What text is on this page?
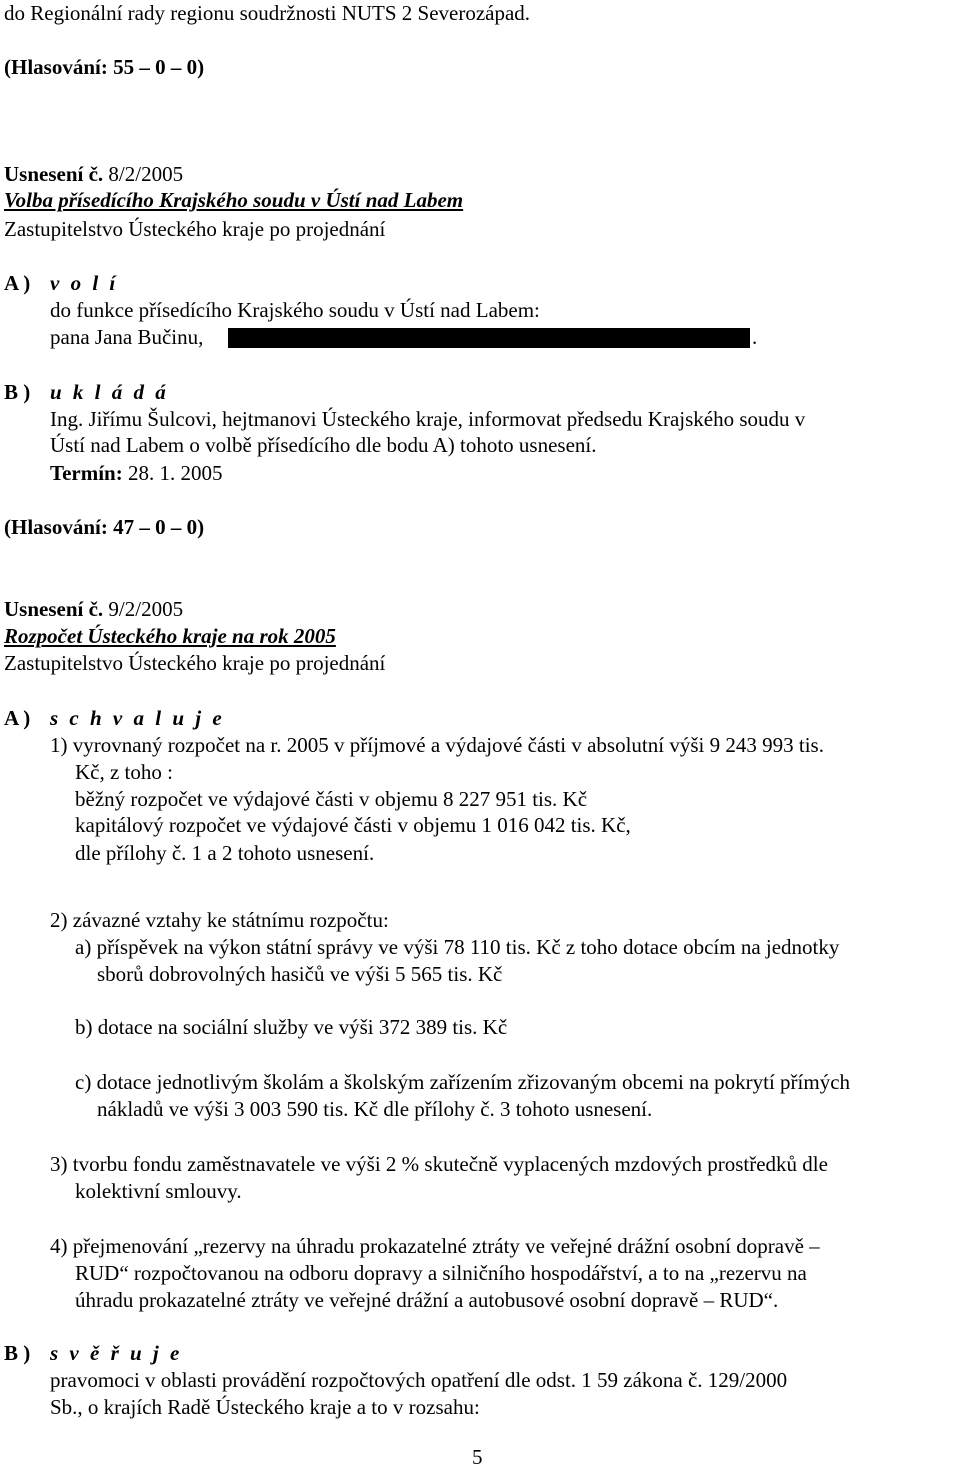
do Regionální rady regionu soudržnosti NUTS 2 Severozápad.
(Hlasování: 55 – 0 – 0)
Usnesení č. 8/2/2005
Volba přísedícího Krajského soudu v Ústí nad Labem
Zastupitelstvo Ústeckého kraje po projednání
A ) v o l í
do funkce přísedícího Krajského soudu v Ústí nad Labem:
pana Jana Bučinu,	.
B ) u k l á d á
Ing. Jiřímu Šulcovi, hejtmanovi Ústeckého kraje, informovat předsedu Krajského soudu v
Ústí nad Labem o volbě přísedícího dle bodu A) tohoto usnesení.
Termín: 28. 1. 2005
(Hlasování: 47 – 0 – 0)
Usnesení č. 9/2/2005
Rozpočet Ústeckého kraje na rok 2005
Zastupitelstvo Ústeckého kraje po projednání
A ) s c h v a l u j e
1) vyrovnaný rozpočet na r. 2005 v příjmové a výdajové části v absolutní výši 9 243 993 tis.
Kč, z toho :
běžný rozpočet ve výdajové části v objemu 8 227 951 tis. Kč
kapitálový rozpočet ve výdajové části v objemu 1 016 042 tis. Kč,
dle přílohy č. 1 a 2 tohoto usnesení.
2) závazné vztahy ke státnímu rozpočtu:
a) příspěvek na výkon státní správy ve výši 78 110 tis. Kč z toho dotace obcím na jednotky
sborů dobrovolných hasičů ve výši 5 565 tis. Kč
b) dotace na sociální služby ve výši 372 389 tis. Kč
c) dotace jednotlivým školám a školským zařízením zřizovaným obcemi na pokrytí přímých
nákladů ve výši 3 003 590 tis. Kč dle přílohy č. 3 tohoto usnesení.
3) tvorbu fondu zaměstnavatele ve výši 2 % skutečně vyplacených mzdových prostředků dle
kolektivní smlouvy.
4) přejmenování „rezervy na úhradu prokazatelné ztráty ve veřejné drážní osobní dopravě –
RUD“ rozpočtovanou na odboru dopravy a silničního hospodářství, a to na „rezervu na
úhradu prokazatelné ztráty ve veřejné drážní a autobusové osobní dopravě – RUD“.
B ) s v ě ř u j e
pravomoci v oblasti provádění rozpočtových opatření dle odst. 1 59 zákona č. 129/2000
Sb., o krajích Radě Ústeckého kraje a to v rozsahu:
5
